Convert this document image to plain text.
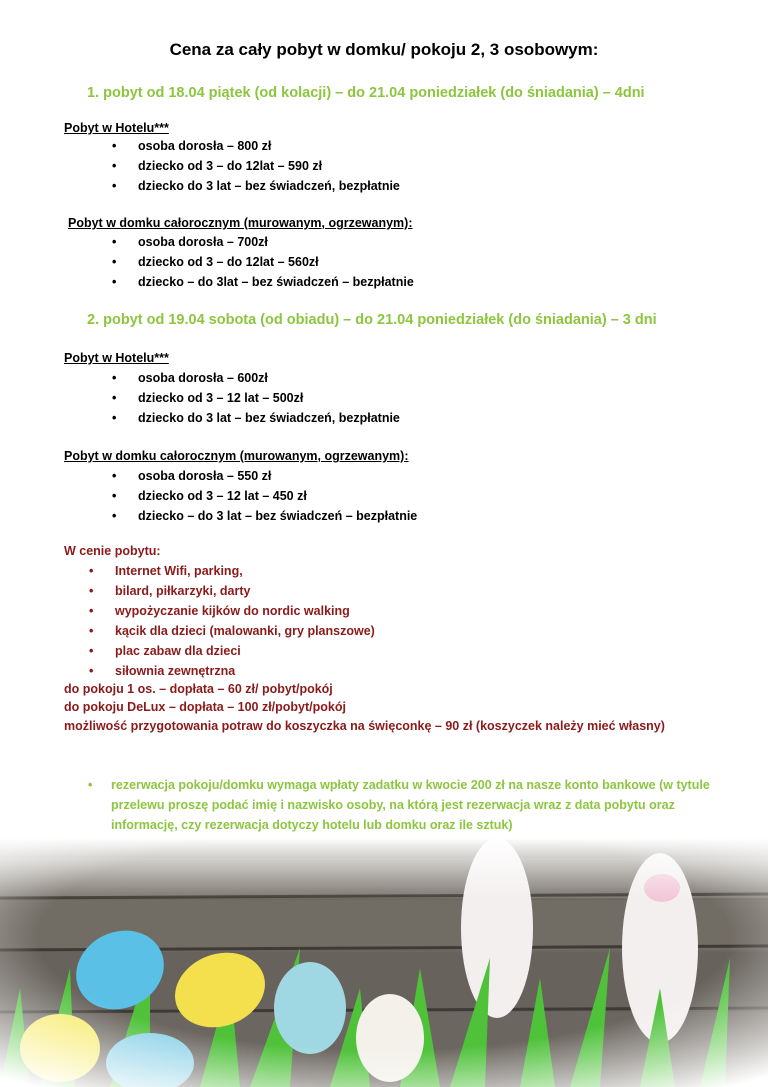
Cena za cały pobyt w domku/ pokoju 2, 3 osobowym:
1. pobyt od 18.04 piątek (od kolacji) – do 21.04 poniedziałek (do śniadania) – 4dni
Pobyt w Hotelu***
• osoba dorosła – 800 zł
• dziecko od 3 – do 12lat – 590 zł
• dziecko do 3 lat – bez świadczeń, bezpłatnie
Pobyt w domku całorocznym (murowanym, ogrzewanym):
• osoba dorosła – 700zł
• dziecko od 3 – do 12lat – 560zł
• dziecko – do 3lat – bez świadczeń – bezpłatnie
2. pobyt od 19.04 sobota (od obiadu) – do 21.04 poniedziałek (do śniadania) – 3 dni
Pobyt w Hotelu***
• osoba dorosła – 600zł
• dziecko od 3 – 12 lat – 500zł
• dziecko do 3 lat – bez świadczeń, bezpłatnie
Pobyt w domku całorocznym (murowanym, ogrzewanym):
• osoba dorosła – 550 zł
• dziecko od 3 – 12 lat – 450 zł
• dziecko – do 3 lat – bez świadczeń – bezpłatnie
W cenie pobytu:
• Internet Wifi, parking,
• bilard, piłkarzyki, darty
• wypożyczanie kijków do nordic walking
• kącik dla dzieci (malowanki, gry planszowe)
• plac zabaw dla dzieci
• siłownia zewnętrzna
do pokoju 1 os. – dopłata – 60 zł/ pobyt/pokój
do pokoju DeLux – dopłata – 100 zł/pobyt/pokój
możliwość przygotowania potraw do koszyczka na święconkę – 90 zł (koszyczek należy mieć własny)
•	rezerwacja pokoju/domku wymaga wpłaty zadatku w kwocie 200 zł na nasze konto bankowe (w tytule przelewu proszę podać imię i nazwisko osoby, na którą jest rezerwacja wraz z data pobytu oraz informację, czy rezerwacja dotyczy hotelu lub domku oraz ile sztuk)
